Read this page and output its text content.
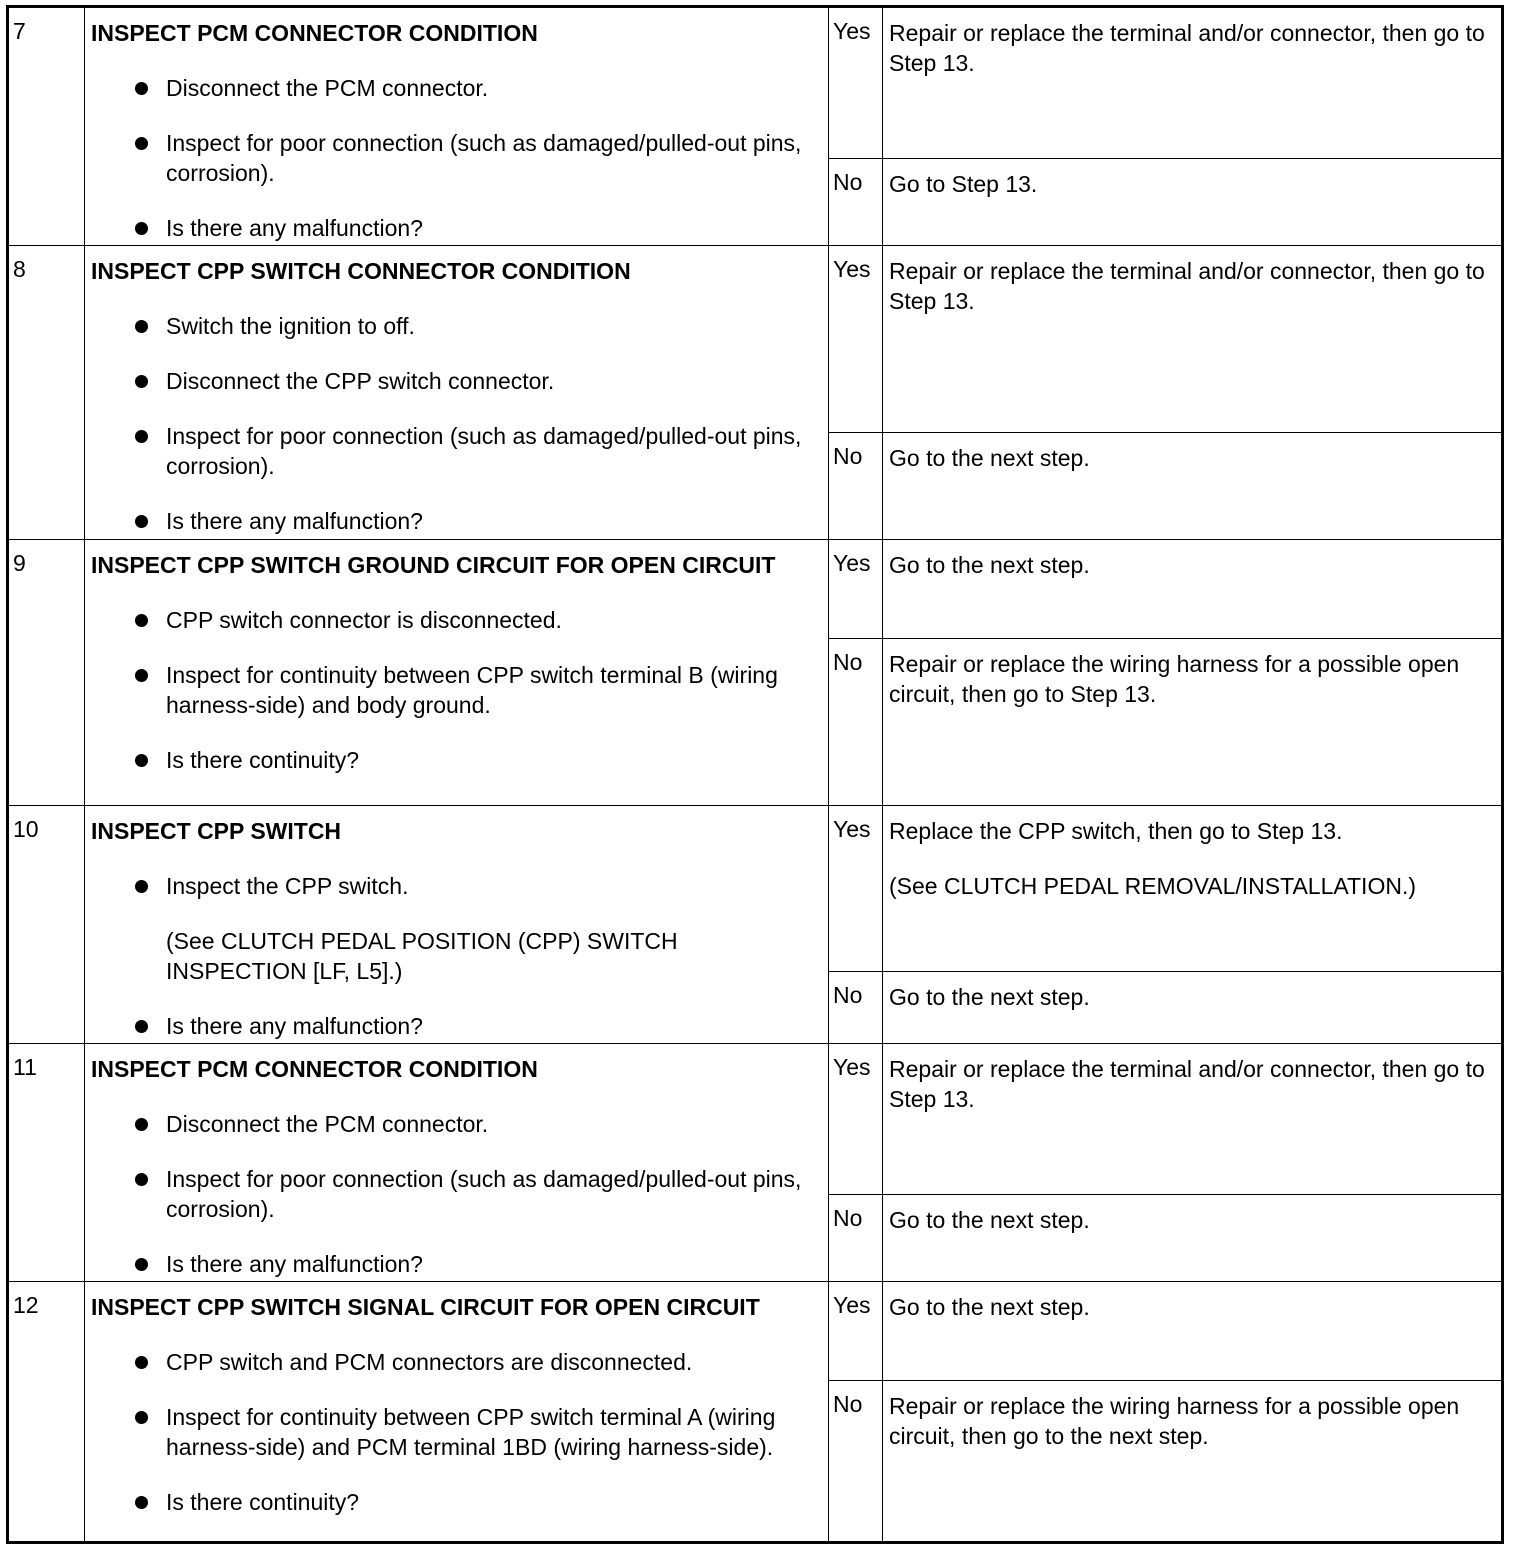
7	INSPECT PCM CONNECTOR CONDITION

Disconnect the PCM connector.
Inspect for poor connection (such as damaged/pulled-out pins, corrosion).
Is there any malfunction?
Yes Repair or replace the terminal and/or connector, then go to Step 13.

No	Go to Step 13.

8	INSPECT CPP SWITCH CONNECTOR CONDITION

Switch the ignition to off.
Disconnect the CPP switch connector.
Inspect for poor connection (such as damaged/pulled-out pins, corrosion).
Is there any malfunction?
Yes Repair or replace the terminal and/or connector, then go to Step 13.

No	Go to the next step.

9	INSPECT CPP SWITCH GROUND CIRCUIT FOR OPEN CIRCUIT

CPP switch connector is disconnected.
Inspect for continuity between CPP switch terminal B (wiring harness-side) and body ground.
Is there continuity?
Yes Go to the next step.

No	Repair or replace the wiring harness for a possible open circuit, then go to Step 13.

10	INSPECT CPP SWITCH

Inspect the CPP switch.
(See CLUTCH PEDAL POSITION (CPP) SWITCH INSPECTION [LF, L5].)
Is there any malfunction?
Yes Replace the CPP switch, then go to Step 13.

(See CLUTCH PEDAL REMOVAL/INSTALLATION.)

No	Go to the next step.

11	INSPECT PCM CONNECTOR CONDITION

Disconnect the PCM connector.
Inspect for poor connection (such as damaged/pulled-out pins, corrosion).
Is there any malfunction?
Yes Repair or replace the terminal and/or connector, then go to Step 13.

No	Go to the next step.

12	INSPECT CPP SWITCH SIGNAL CIRCUIT FOR OPEN CIRCUIT

CPP switch and PCM connectors are disconnected.
Inspect for continuity between CPP switch terminal A (wiring harness-side) and PCM terminal 1BD (wiring harness-side).
Is there continuity?
Yes Go to the next step.

No	Repair or replace the wiring harness for a possible open circuit, then go to the next step.
